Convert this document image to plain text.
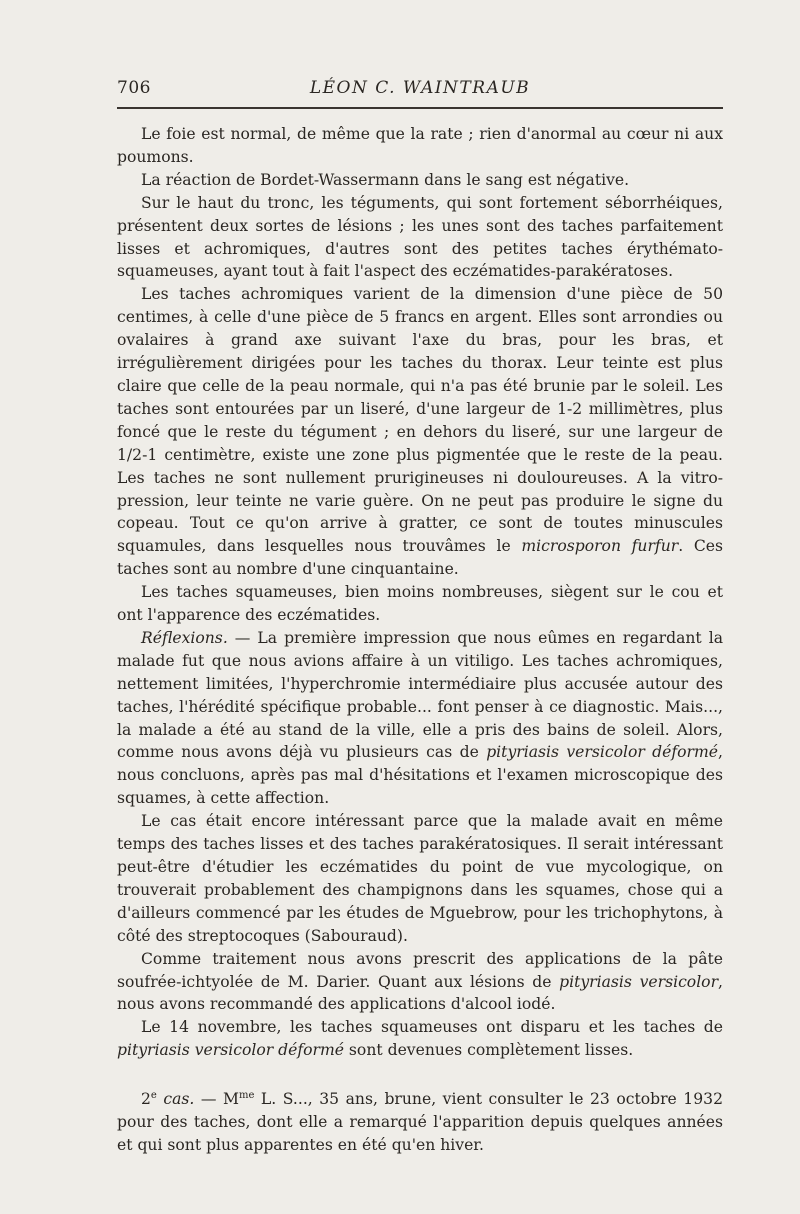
706	LÉON C. WAINTRAUB

Le foie est normal, de même que la rate ; rien d'anormal au cœur ni aux poumons.

La réaction de Bordet-Wassermann dans le sang est négative.

Sur le haut du tronc, les téguments, qui sont fortement séborrhéiques, présentent deux sortes de lésions ; les unes sont des taches parfaitement lisses et achromiques, d'autres sont des petites taches érythémato-squameuses, ayant tout à fait l'aspect des eczématides-parakératoses.

Les taches achromiques varient de la dimension d'une pièce de 50 centimes, à celle d'une pièce de 5 francs en argent. Elles sont arrondies ou ovalaires à grand axe suivant l'axe du bras, pour les bras, et irrégulièrement dirigées pour les taches du thorax. Leur teinte est plus claire que celle de la peau normale, qui n'a pas été brunie par le soleil. Les taches sont entourées par un liseré, d'une largeur de 1-2 millimètres, plus foncé que le reste du tégument ; en dehors du liseré, sur une largeur de 1/2-1 centimètre, existe une zone plus pigmentée que le reste de la peau. Les taches ne sont nullement prurigineuses ni douloureuses. A la vitro-pression, leur teinte ne varie guère. On ne peut pas produire le signe du copeau. Tout ce qu'on arrive à gratter, ce sont de toutes minuscules squamules, dans lesquelles nous trouvâmes le microsporon furfur. Ces taches sont au nombre d'une cinquantaine.

Les taches squameuses, bien moins nombreuses, siègent sur le cou et ont l'apparence des eczématides.

Réflexions. — La première impression que nous eûmes en regardant la malade fut que nous avions affaire à un vitiligo. Les taches achromiques, nettement limitées, l'hyperchromie intermédiaire plus accusée autour des taches, l'hérédité spécifique probable... font penser à ce diagnostic. Mais..., la malade a été au stand de la ville, elle a pris des bains de soleil. Alors, comme nous avons déjà vu plusieurs cas de pityriasis versicolor déformé, nous concluons, après pas mal d'hésitations et l'examen microscopique des squames, à cette affection.

Le cas était encore intéressant parce que la malade avait en même temps des taches lisses et des taches parakératosiques. Il serait intéressant peut-être d'étudier les eczématides du point de vue mycologique, on trouverait probablement des champignons dans les squames, chose qui a d'ailleurs commencé par les études de Mguebrow, pour les trichophytons, à côté des streptocoques (Sabouraud).

Comme traitement nous avons prescrit des applications de la pâte soufrée-ichtyolée de M. Darier. Quant aux lésions de pityriasis versicolor, nous avons recommandé des applications d'alcool iodé.

Le 14 novembre, les taches squameuses ont disparu et les taches de pityriasis versicolor déformé sont devenues complètement lisses.

2e cas. — $M^{me}$ L. S..., 35 ans, brune, vient consulter le 23 octobre 1932 pour des taches, dont elle a remarqué l'apparition depuis quelques années et qui sont plus apparentes en été qu'en hiver.
